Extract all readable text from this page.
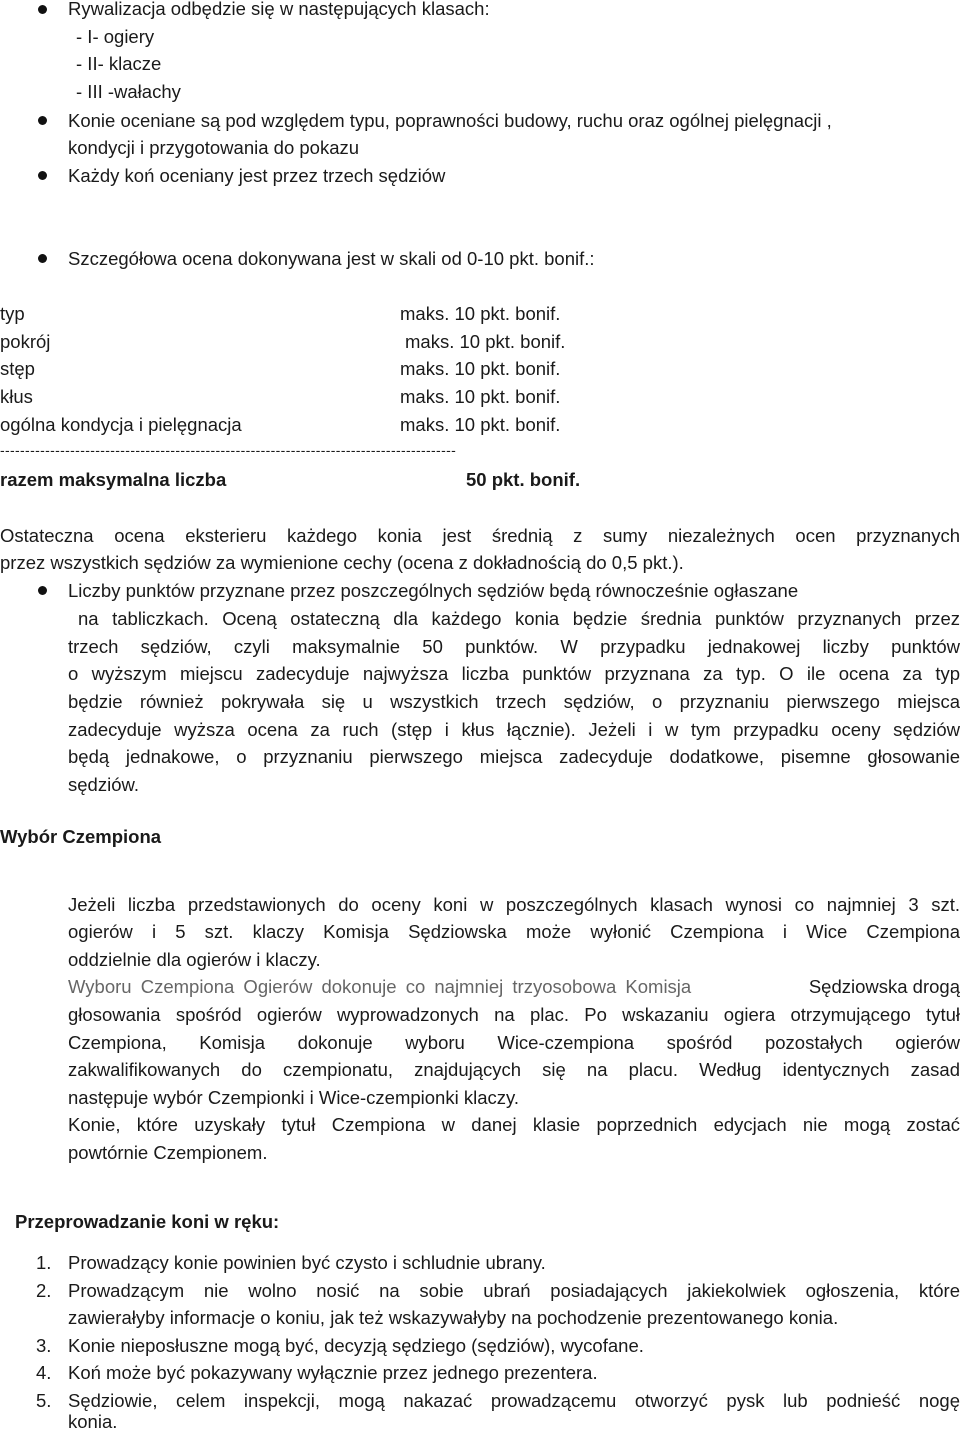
Rywalizacja odbędzie się w następujących klasach:
- I- ogiery
- II- klacze
- III -wałachy
Konie oceniane są pod względem typu, poprawności budowy, ruchu oraz ogólnej pielęgnacji ,
kondycji i przygotowania do pokazu
Każdy koń oceniany jest przez trzech sędziów
Szczegółowa ocena dokonywana jest w skali od 0-10 pkt. bonif.:
typ	maks. 10 pkt. bonif.
pokrój	maks. 10 pkt. bonif.
stęp	maks. 10 pkt. bonif.
kłus	maks. 10 pkt. bonif.
ogólna kondycja i pielęgnacja	maks. 10 pkt. bonif.
-------------------------------------------------------------------------------------------
razem maksymalna liczba	50 pkt. bonif.
Ostateczna ocena eksterieru każdego konia jest średnią z sumy niezależnych ocen przyznanych
przez wszystkich sędziów za wymienione cechy (ocena z dokładnością do 0,5 pkt.).
Liczby punktów przyznane przez poszczególnych sędziów będą równocześnie ogłaszane
na tabliczkach. Oceną ostateczną dla każdego konia będzie średnia punktów przyznanych przez
trzech sędziów, czyli maksymalnie 50 punktów. W przypadku jednakowej liczby punktów
o wyższym miejscu zadecyduje najwyższa liczba punktów przyznana za typ. O ile ocena za typ
będzie również pokrywała się u wszystkich trzech sędziów, o przyznaniu pierwszego miejsca
zadecyduje wyższa ocena za ruch (stęp i kłus łącznie). Jeżeli i w tym przypadku oceny sędziów
będą jednakowe, o przyznaniu pierwszego miejsca zadecyduje dodatkowe, pisemne głosowanie
sędziów.
Wybór Czempiona
Jeżeli liczba przedstawionych do oceny koni w poszczególnych klasach wynosi co najmniej 3 szt.
ogierów i 5 szt. klaczy Komisja Sędziowska może wyłonić Czempiona i Wice Czempiona
oddzielnie dla ogierów i klaczy.
Wyboru Czempiona Ogierów dokonuje co najmniej trzyosobowa Komisja	Sędziowska drogą
głosowania spośród ogierów wyprowadzonych na plac. Po wskazaniu ogiera otrzymującego tytuł
Czempiona, Komisja dokonuje wyboru Wice-czempiona spośród pozostałych ogierów
zakwalifikowanych do czempionatu, znajdujących się na placu. Według identycznych zasad
następuje wybór Czempionki i Wice-czempionki klaczy.
Konie, które uzyskały tytuł Czempiona w danej klasie poprzednich edycjach nie mogą zostać
powtórnie Czempionem.
Przeprowadzanie koni w ręku:
1. Prowadzący konie powinien być czysto i schludnie ubrany.
2. Prowadzącym nie wolno nosić na sobie ubrań posiadających jakiekolwiek ogłoszenia, które
zawierałyby informacje o koniu, jak też wskazywałyby na pochodzenie prezentowanego konia.
3. Konie nieposłuszne mogą być, decyzją sędziego (sędziów), wycofane.
4. Koń może być pokazywany wyłącznie przez jednego prezentera.
5. Sędziowie, celem inspekcji, mogą nakazać prowadzącemu otworzyć pysk lub podnieść nogę
konia.
